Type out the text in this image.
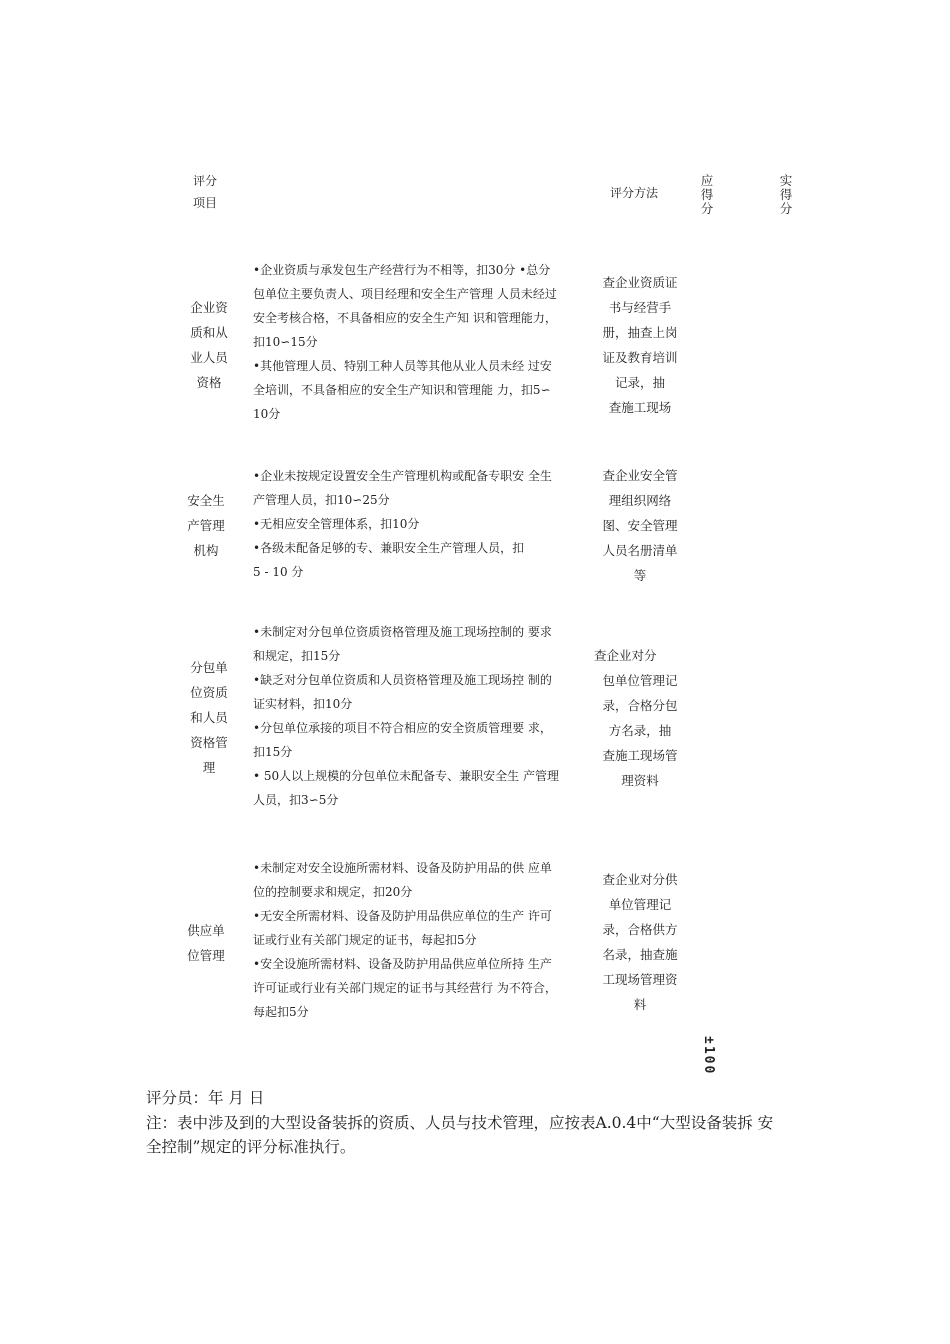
评分
项目
评分方法
应
得
分
实
得
分
企业资
质和从
业人员
资格
•企业资质与承发包生产经营行为不相等，扣30分 •总分
包单位主要负责人、项目经理和安全生产管理 人员未经过
安全考核合格，不具备相应的安全生产知 识和管理能力，
扣10∽15分
•其他管理人员、特别工种人员等其他从业人员未经 过安
全培训，不具备相应的安全生产知识和管理能 力，扣5∽
10分
查企业资质证
书与经营手
册，抽查上岗
证及教育培训
记录，抽
查施工现场
安全生
产管理
机构
•企业未按规定设置安全生产管理机构或配备专职安 全生
产管理人员，扣10∽25分
•无相应安全管理体系，扣10分
•各级未配备足够的专、兼职安全生产管理人员，扣
5 - 10 分
查企业安全管
理组织网络
图、安全管理
人员名册清单
等
分包单
位资质
和人员
资格管
理
•未制定对分包单位资质资格管理及施工现场控制的 要求
和规定，扣15分
•缺乏对分包单位资质和人员资格管理及施工现场控 制的
证实材料，扣10分
•分包单位承接的项目不符合相应的安全资质管理要 求，
扣15分
• 50人以上规模的分包单位未配备专、兼职安全生 产管理
人员，扣3∽5分
查企业对分
包单位管理记
录，合格分包
方名录，抽
查施工现场管
理资料
供应单
位管理
•未制定对安全设施所需材料、设备及防护用品的供 应单
位的控制要求和规定，扣20分
•无安全所需材料、设备及防护用品供应单位的生产 许可
证或行业有关部门规定的证书，每起扣5分
•安全设施所需材料、设备及防护用品供应单位所持 生产
许可证或行业有关部门规定的证书与其经营行 为不符合，
每起扣5分
查企业对分供
单位管理记
录，合格供方
名录，抽查施
工现场管理资
料
±100
评分员：年 月 日
注：表中涉及到的大型设备装拆的资质、人员与技术管理，应按表A.0.4中“大型设备装拆 安
全控制”规定的评分标准执行。
